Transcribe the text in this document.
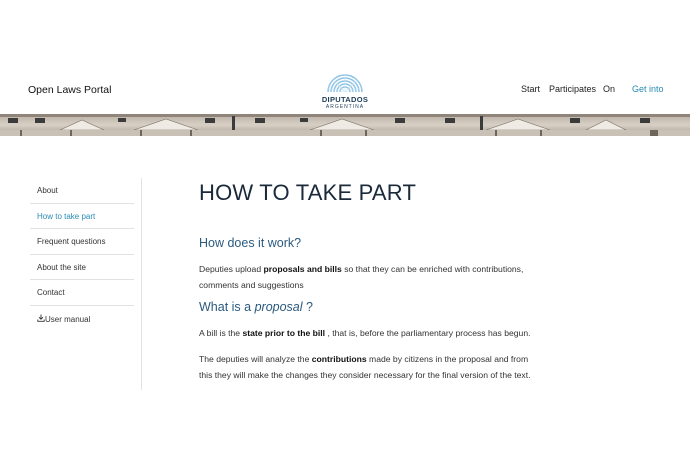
Open Laws Portal
DIPUTADOS
ARGENTINA
Start Participates On Get into
About
How to take part
Frequent questions
About the site
Contact
User manual
HOW TO TAKE PART
How does it work?
Deputies upload proposals and bills so that they can be enriched with contributions,
comments and suggestions
What is a proposal ?
A bill is the state prior to the bill , that is, before the parliamentary process has begun.
The deputies will analyze the contributions made by citizens in the proposal and from
this they will make the changes they consider necessary for the final version of the text.
